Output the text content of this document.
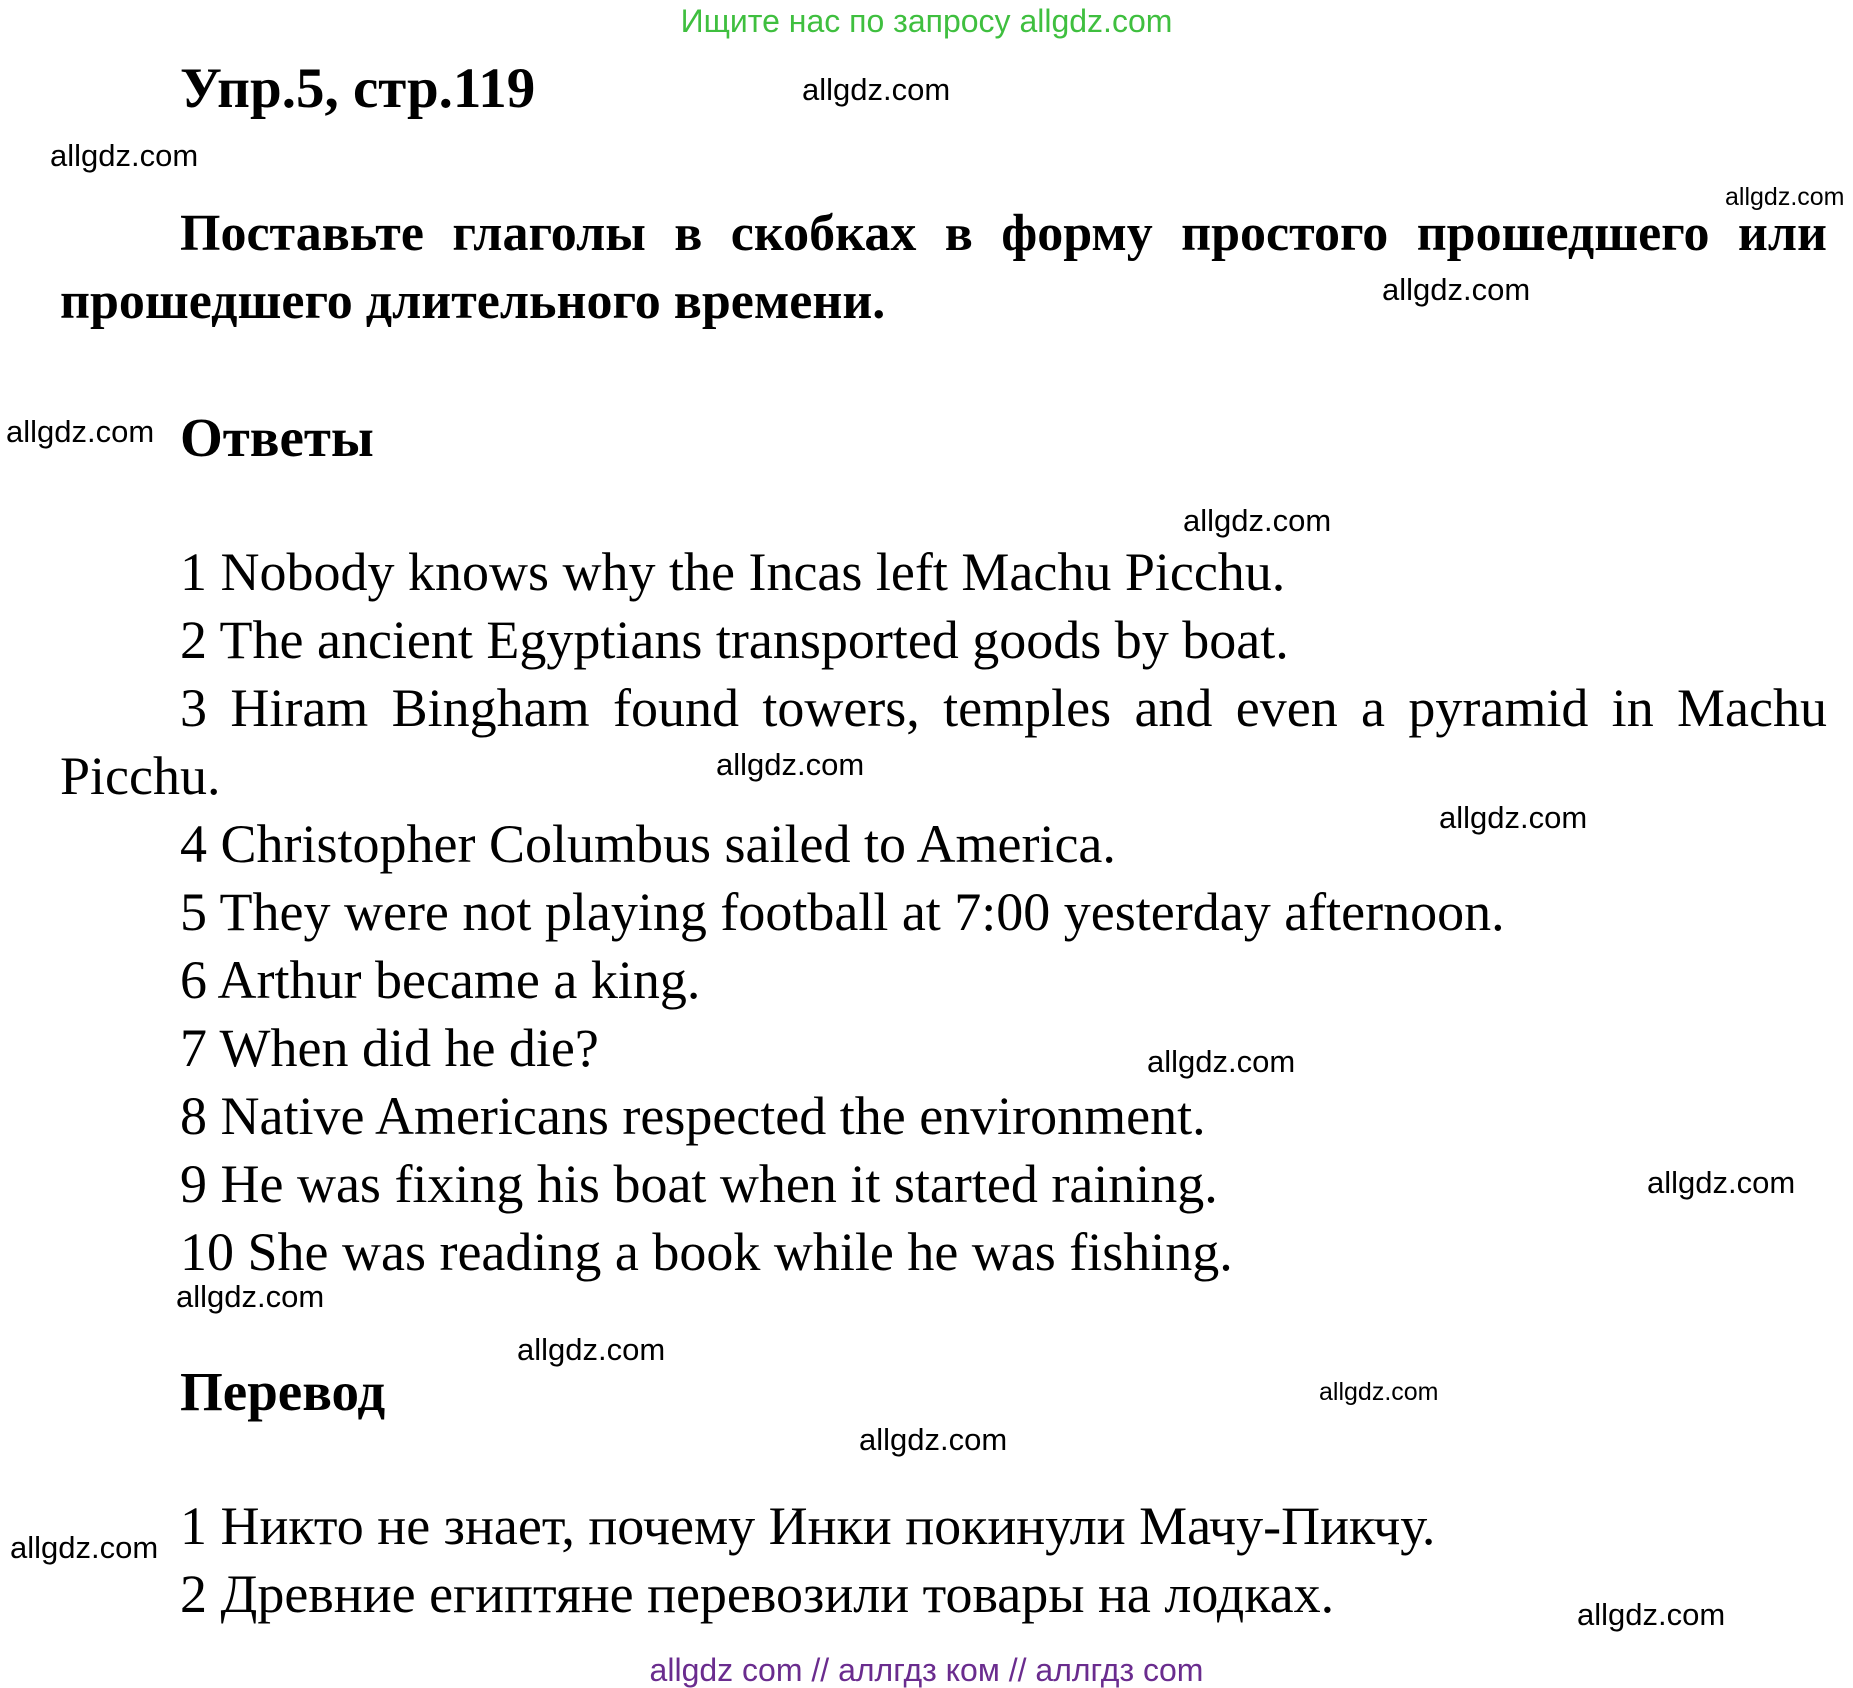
Ищите нас по запросу allgdz.com
Упр.5, стр.119
Поставьте глаголы в скобках в форму простого прошедшего или прошедшего длительного времени.
Ответы
1 Nobody knows why the Incas left Machu Picchu.
2 The ancient Egyptians transported goods by boat.
3 Hiram Bingham found towers, temples and even a pyramid in Machu Picchu.
4 Christopher Columbus sailed to America.
5 They were not playing football at 7:00 yesterday afternoon.
6 Arthur became a king.
7 When did he die?
8 Native Americans respected the environment.
9 He was fixing his boat when it started raining.
10 She was reading a book while he was fishing.
Перевод
1 Никто не знает, почему Инки покинули Мачу-Пикчу.
2 Древние египтяне перевозили товары на лодках.
allgdz.com
allgdz.com
allgdz.com
allgdz.com
allgdz.com
allgdz.com
allgdz.com
allgdz.com
allgdz.com
allgdz.com
allgdz.com
allgdz.com
allgdz.com
allgdz.com
allgdz.com
allgdz.com
allgdz com // аллгдз ком // аллгдз com
